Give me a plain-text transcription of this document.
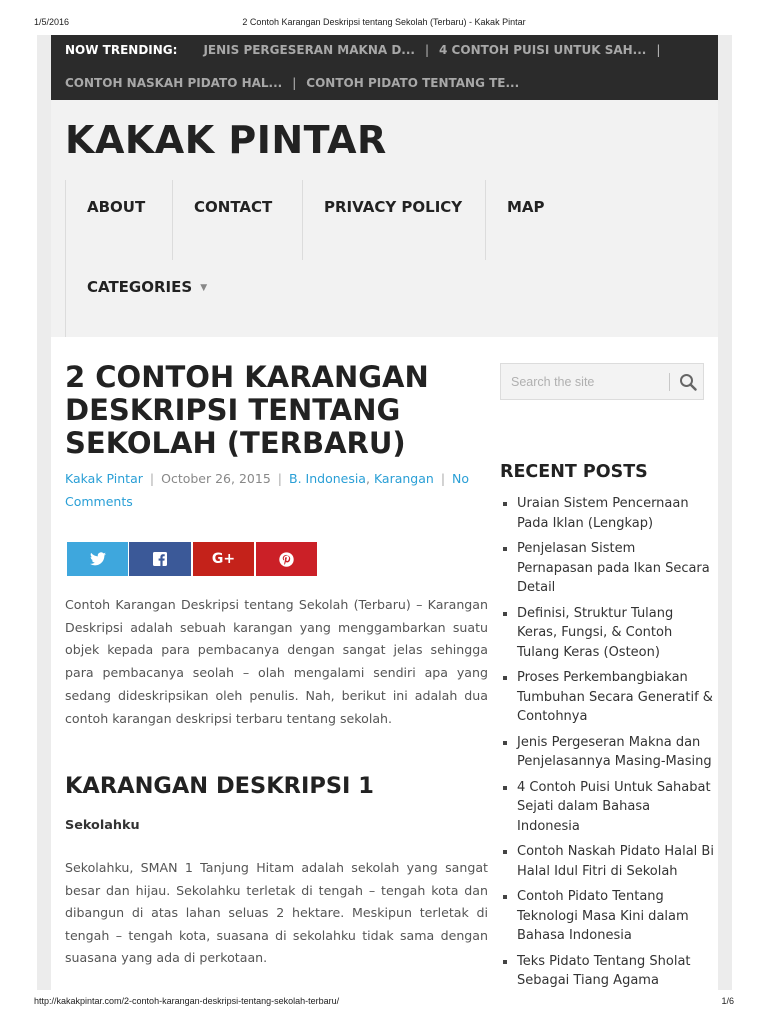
1/5/2016	2 Contoh Karangan Deskripsi tentang Sekolah (Terbaru) - Kakak Pintar
NOW TRENDING: JENIS PERGESERAN MAKNA D... | 4 CONTOH PUISI UNTUK SAH... |
CONTOH NASKAH PIDATO HAL... | CONTOH PIDATO TENTANG TE...
KAKAK PINTAR
ABOUT	CONTACT	PRIVACY POLICY	MAP
CATEGORIES ▼
2 CONTOH KARANGAN DESKRIPSI TENTANG SEKOLAH (TERBARU)
Kakak Pintar | October 26, 2015 | B. Indonesia, Karangan | No Comments
G+

Contoh Karangan Deskripsi tentang Sekolah (Terbaru) – Karangan Deskripsi adalah sebuah karangan yang menggambarkan suatu objek kepada para pembacanya dengan sangat jelas sehingga para pembacanya seolah – olah mengalami sendiri apa yang sedang dideskripsikan oleh penulis. Nah, berikut ini adalah dua contoh karangan deskripsi terbaru tentang sekolah.

KARANGAN DESKRIPSI 1
Sekolahku

Sekolahku, SMAN 1 Tanjung Hitam adalah sekolah yang sangat besar dan hijau. Sekolahku terletak di tengah – tengah kota dan dibangun di atas lahan seluas 2 hektare. Meskipun terletak di tengah – tengah kota, suasana di sekolahku tidak sama dengan suasana yang ada di perkotaan.

Search the site
RECENT POSTS
Uraian Sistem Pencernaan Pada Iklan (Lengkap)
Penjelasan Sistem Pernapasan pada Ikan Secara Detail
Definisi, Struktur Tulang Keras, Fungsi, & Contoh Tulang Keras (Osteon)
Proses Perkembangbiakan Tumbuhan Secara Generatif & Contohnya
Jenis Pergeseran Makna dan Penjelasannya Masing-Masing
4 Contoh Puisi Untuk Sahabat Sejati dalam Bahasa Indonesia
Contoh Naskah Pidato Halal Bi Halal Idul Fitri di Sekolah
Contoh Pidato Tentang Teknologi Masa Kini dalam Bahasa Indonesia
Teks Pidato Tentang Sholat Sebagai Tiang Agama
http://kakakpintar.com/2-contoh-karangan-deskripsi-tentang-sekolah-terbaru/	1/6
